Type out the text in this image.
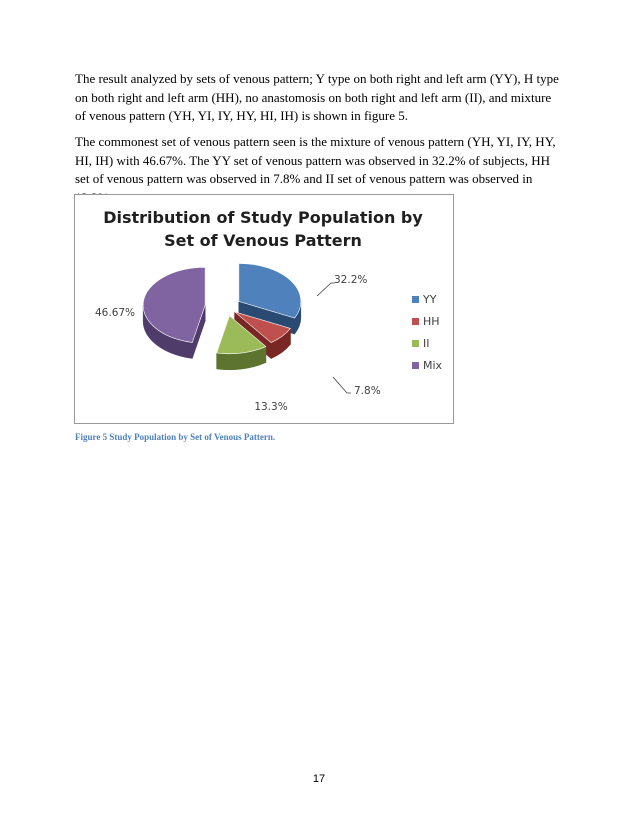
The result analyzed by sets of venous pattern; Y type on both right and left arm (YY), H type on both right and left arm (HH), no anastomosis on both right and left arm (II), and mixture of venous pattern (YH, YI, IY, HY, HI, IH) is shown in figure 5.

The commonest set of venous pattern seen is the mixture of venous pattern (YH, YI, IY, HY, HI, IH) with 46.67%. The YY set of venous pattern was observed in 32.2% of subjects, HH set of venous pattern was observed in 7.8% and II set of venous pattern was observed in

Distribution of Study Population by
Set of Venous Pattern
32.2%
7.8%
13.3%
46.67%
YY
HH
II
Mix
Figure 5 Study Population by Set of Venous Pattern.
17
